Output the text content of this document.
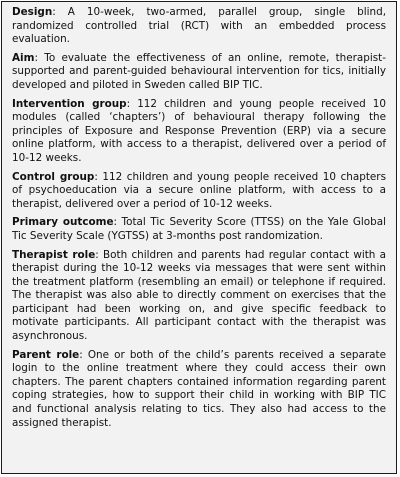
Design: A 10-week, two-armed, parallel group, single blind, randomized controlled trial (RCT) with an embedded process evaluation.

Aim: To evaluate the effectiveness of an online, remote, therapist-supported and parent-guided behavioural intervention for tics, initially developed and piloted in Sweden called BIP TIC.

Intervention group: 112 children and young people received 10 modules (called ‘chapters’) of behavioural therapy following the principles of Exposure and Response Prevention (ERP) via a secure online platform, with access to a therapist, delivered over a period of 10-12 weeks.

Control group: 112 children and young people received 10 chapters of psychoeducation via a secure online platform, with access to a therapist, delivered over a period of 10-12 weeks.

Primary outcome: Total Tic Severity Score (TTSS) on the Yale Global Tic Severity Scale (YGTSS) at 3-months post randomization.

Therapist role: Both children and parents had regular contact with a therapist during the 10-12 weeks via messages that were sent within the treatment platform (resembling an email) or telephone if required. The therapist was also able to directly comment on exercises that the participant had been working on, and give specific feedback to motivate participants. All participant contact with the therapist was asynchronous.

Parent role: One or both of the child’s parents received a separate login to the online treatment where they could access their own chapters. The parent chapters contained information regarding parent coping strategies, how to support their child in working with BIP TIC and functional analysis relating to tics. They also had access to the assigned therapist.
